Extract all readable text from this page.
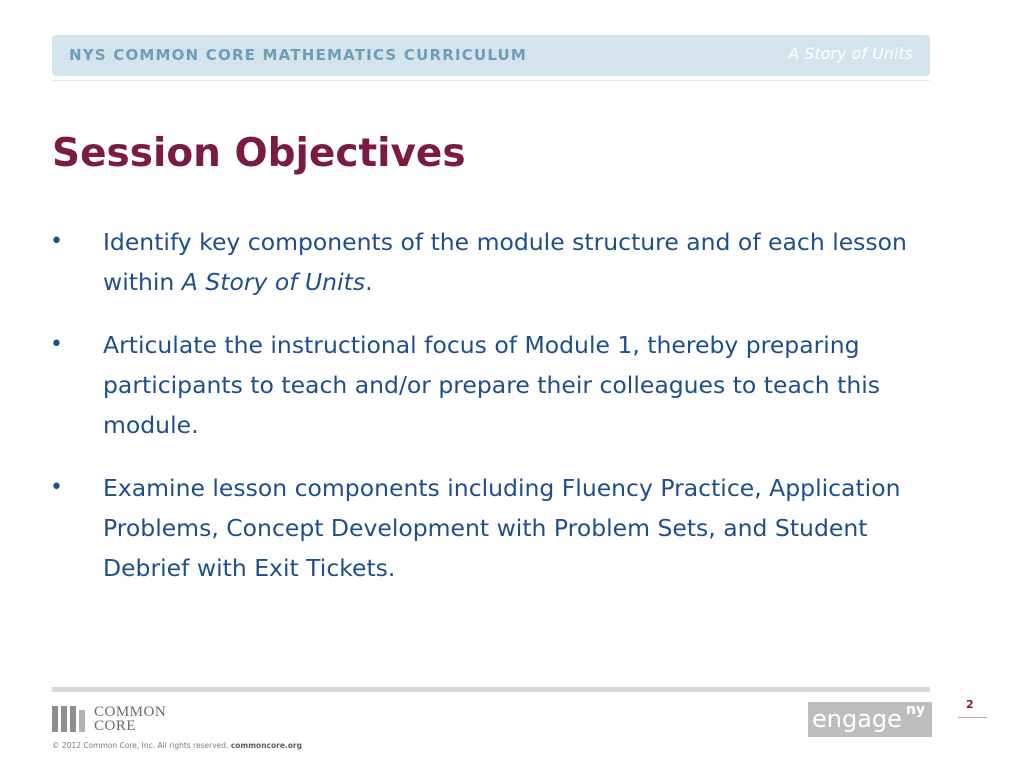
NYS COMMON CORE MATHEMATICS CURRICULUM	A Story of Units
Session Objectives
•	Identify key components of the module structure and of each lesson within A Story of Units.
•	Articulate the instructional focus of Module 1, thereby preparing participants to teach and/or prepare their colleagues to teach this module.
•	Examine lesson components including Fluency Practice, Application Problems, Concept Development with Problem Sets, and Student Debrief with Exit Tickets.
COMMON
CORE
© 2012 Common Core, Inc. All rights reserved. commoncore.org
engage ny	2
